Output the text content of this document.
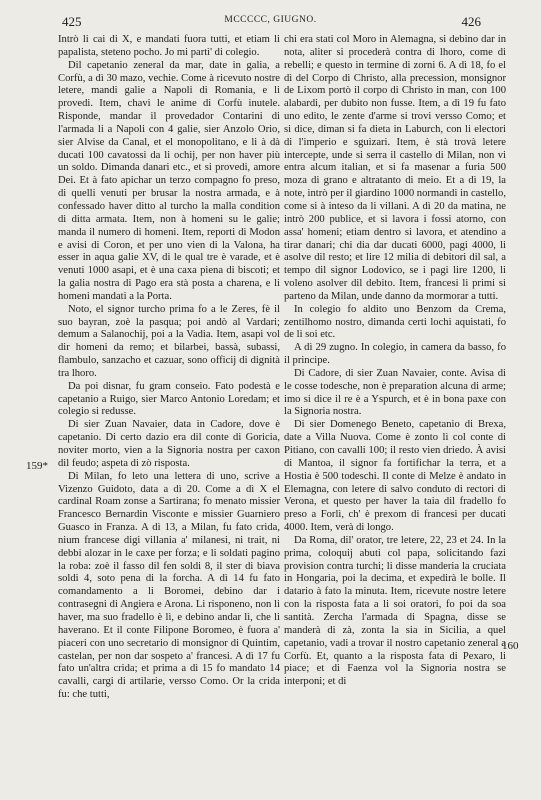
425	MCCCCC, GIUGNO.	426
159*
160

Intrò li cai di X, e mandati fuora tutti, et etiam li papalista, steteno pocho. Jo mi partì' di colegio.

Dil capetanio zeneral da mar, date in galia, a Corfù, a dì 30 mazo, vechie. Come à ricevuto nostre letere, mandi galie a Napoli di Romania, e li provedi. Item, chavi le anime di Corfù inutele. Risponde, mandar il provedador Contarini di l'armada li a Napoli con 4 galie, sier Anzolo Orio, sier Alvise da Canal, et el monopolitano, e li à dà ducati 100 cavatossi da li ochij, per non haver più un soldo. Dimanda danari etc., et si provedi, amore Dei. Et à fato apichar un terzo compagno fo preso, di quelli venuti per brusar la nostra armada, e à confessado haver ditto al turcho la malla condition di ditta armata. Item, non à homeni su le galie; manda il numero di homeni. Item, reporti di Modon e avisi di Coron, et per uno vien di la Valona, ha esser in aqua galie XV, di le qual tre è varade, et è venuti 1000 asapi, et è una caxa piena di biscoti; et la galia nostra di Pago era stà posta a charena, e li homeni mandati a la Porta.

Noto, el signor turcho prima fo a le Zeres, fè il suo bayran, zoè la pasqua; poi andò al Vardari; demum a Salanochij, poi a la Vadia. Item, asapi vol dir homeni da remo; et bilarbei, bassà, subassi, flambulo, sanzacho et cazuar, sono officij di dignità tra lhoro.

Da poi disnar, fu gram conseio. Fato podestà e capetanio a Ruigo, sier Marco Antonio Loredam; et colegio si redusse.

Di sier Zuan Navaier, data in Cadore, dove è capetanio. Di certo dazio era dil conte di Goricia, noviter morto, vien a la Signoria nostra per caxon dil feudo; aspeta di zò risposta.

Di Milan, fo leto una lettera di uno, scrive a Vizenzo Guidoto, data a dì 20. Come a dì X el cardinal Roam zonse a Sartirana; fo menato missier Francesco Bernardin Visconte e missier Guarniero Guasco in Franza. A dì 13, a Milan, fu fato crida, nium francese digi villania a' milanesi, ni trait, ni debbi alozar in le caxe per forza; e li soldati pagino la roba: zoè il fasso dil fen soldi 8, il ster di biava soldi 4, soto pena di la forcha. A dì 14 fu fato comandamento a li Boromei, debino dar i contrasegni di Angiera e Arona. Li risponeno, non li haver, ma suo fradello è lì, e debino andar lì, che li haverano. Et il conte Filipone Boromeo, è fuora a' piaceri con uno secretario di monsignor di Quintim, castelan, per non dar sospeto a' francesi. A dì 17 fu fato un'altra crida; et prima a dì 15 fo mandato 14 cavalli, cargi di artilarie, versso Como. Or la crida fu: che tutti,

chi era stati col Moro in Alemagna, si debino dar in nota, aliter si procederà contra di lhoro, come di rebelli; e questo in termine di zorni 6. A dì 18, fo el dì del Corpo di Christo, alla precession, monsignor de Lixom portò il corpo di Christo in man, con 100 alabardi, per dubito non fusse. Item, a dì 19 fu fato uno edito, le zente d'arme si trovi versso Como; et si dice, diman si fa dieta in Laburch, con li electori di l'imperio e sguizari. Item, è stà trovà letere intercepte, unde si serra il castello di Milan, non vi entra alcum italian, et si fa masenar a furia 500 moza di grano e altratanto di meio. Et a dì 19, la note, intrò per il giardino 1000 normandi in castello, come si à inteso da li villani. A dì 20 da matina, ne intrò 200 publice, et si lavora i fossi atorno, con assa' homeni; etiam dentro si lavora, et atendino a tirar danari; chi dia dar ducati 6000, pagi 4000, li asolve dil resto; et lire 12 milia di debitori dil sal, a tempo dil signor Lodovico, se i pagi lire 1200, li voleno asolver dil debito. Item, francesi li primi si parteno da Milan, unde danno da mormorar a tutti.

In colegio fo aldito uno Benzom da Crema, zentilhomo nostro, dimanda certi lochi aquistati, fo de li soi etc.

A dì 29 zugno. In colegio, in camera da basso, fo il principe.

Di Cadore, di sier Zuan Navaier, conte. Avisa di le cosse todesche, non è preparation alcuna di arme; imo si dice il re è a Yspurch, et è in bona paxe con la Signoria nostra.

Di sier Domenego Beneto, capetanio di Brexa, date a Villa Nuova. Come è zonto lì col conte di Pitiano, con cavalli 100; il resto vien driedo. À avisi di Mantoa, il signor fa fortifichar la terra, et a Hostia è 500 todeschi. Il conte di Melze è andato in Elemagna, con letere di salvo conduto di rectori di Verona, et questo per haver la taia dil fradello fo preso a Forlì, ch' è prexom di francesi per ducati 4000. Item, verà di longo.

Da Roma, dil' orator, tre letere, 22, 23 et 24. In la prima, coloquij abuti col papa, solicitando fazi provision contra turchi; li disse manderia la cruciata in Hongaria, poi la decima, et expedirà le bolle. Il datario à fato la minuta. Item, ricevute nostre letere con la risposta fata a li soi oratori, fo poi da soa santità. Zercha l'armada di Spagna, disse se manderà di zà, zonta la sia in Sicilia, a quel capetanio, vadi a trovar il nostro capetanio zeneral a Corfù. Et, quanto a la risposta fata di Pexaro, li piace; et di Faenza vol la Signoria nostra se interponi; et di
